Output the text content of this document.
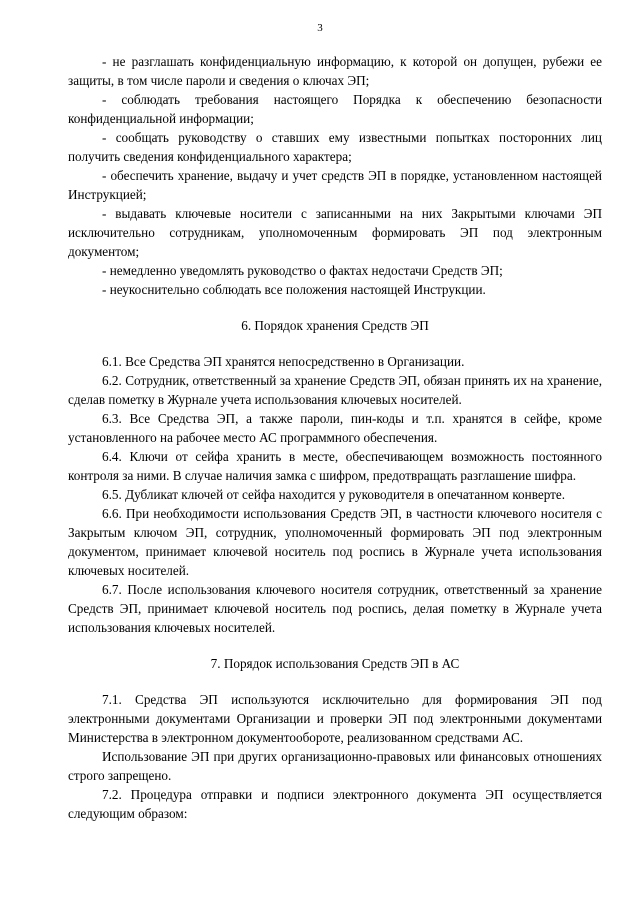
3

- не разглашать конфиденциальную информацию, к которой он допущен, рубежи ее защиты, в том числе пароли и сведения о ключах ЭП;

- соблюдать требования настоящего Порядка к обеспечению безопасности конфиденциальной информации;

- сообщать руководству о ставших ему известными попытках посторонних лиц получить сведения конфиденциального характера;

- обеспечить хранение, выдачу и учет средств ЭП в порядке, установленном настоящей Инструкцией;

- выдавать ключевые носители с записанными на них Закрытыми ключами ЭП исключительно сотрудникам, уполномоченным формировать ЭП под электронным документом;

- немедленно уведомлять руководство о фактах недостачи Средств ЭП;

- неукоснительно соблюдать все положения настоящей Инструкции.

6. Порядок хранения Средств ЭП

6.1. Все Средства ЭП хранятся непосредственно в Организации.

6.2. Сотрудник, ответственный за хранение Средств ЭП, обязан принять их на хранение, сделав пометку в Журнале учета использования ключевых носителей.

6.3. Все Средства ЭП, а также пароли, пин-коды и т.п. хранятся в сейфе, кроме установленного на рабочее место АС программного обеспечения.

6.4. Ключи от сейфа хранить в месте, обеспечивающем возможность постоянного контроля за ними. В случае наличия замка с шифром, предотвращать разглашение шифра.

6.5. Дубликат ключей от сейфа находится у руководителя в опечатанном конверте.

6.6. При необходимости использования Средств ЭП, в частности ключевого носителя с Закрытым ключом ЭП, сотрудник, уполномоченный формировать ЭП под электронным документом, принимает ключевой носитель под роспись в Журнале учета использования ключевых носителей.

6.7. После использования ключевого носителя сотрудник, ответственный за хранение Средств ЭП, принимает ключевой носитель под роспись, делая пометку в Журнале учета использования ключевых носителей.

7. Порядок использования Средств ЭП в АС

7.1. Средства ЭП используются исключительно для формирования ЭП под электронными документами Организации и проверки ЭП под электронными документами Министерства в электронном документообороте, реализованном средствами АС.

Использование ЭП при других организационно-правовых или финансовых отношениях строго запрещено.

7.2. Процедура отправки и подписи электронного документа ЭП осуществляется следующим образом:
